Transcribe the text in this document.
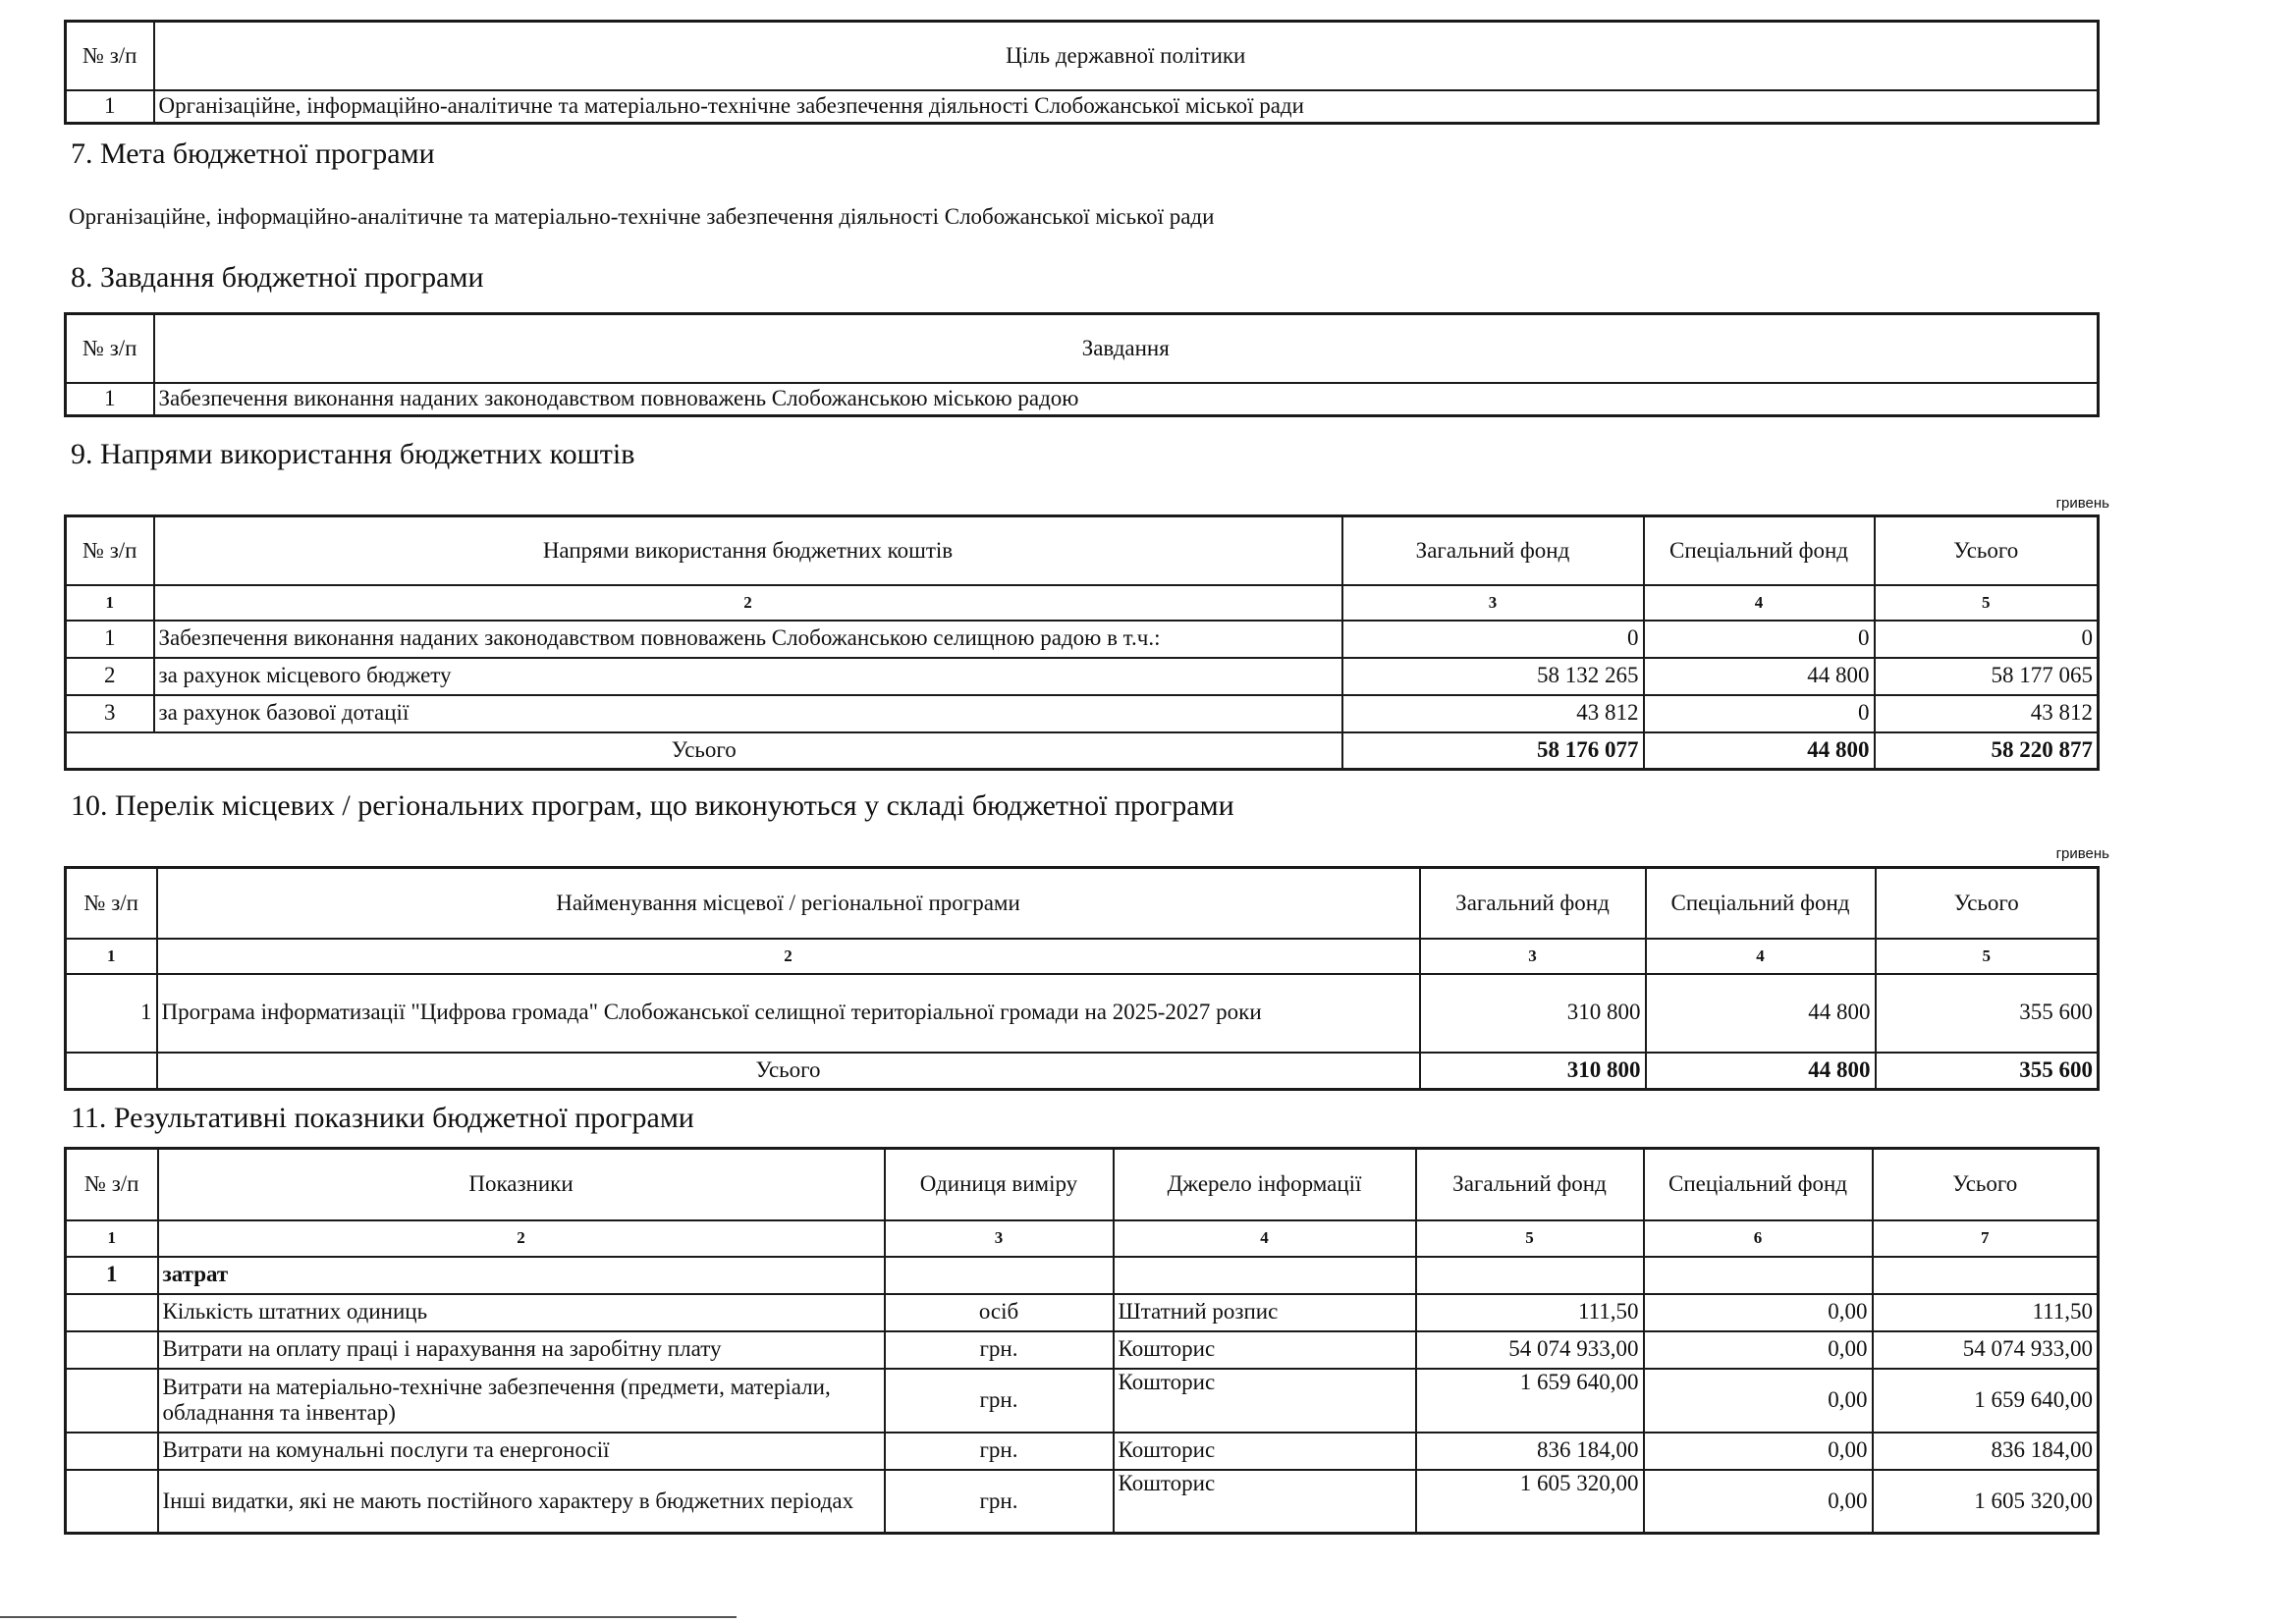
№ з/п	Ціль державної політики
1	Організаційне, інформаційно-аналітичне та матеріально-технічне забезпечення діяльності Слобожанської міської ради
7. Мета бюджетної програми
Організаційне, інформаційно-аналітичне та матеріально-технічне забезпечення діяльності Слобожанської міської ради
8. Завдання бюджетної програми
№ з/п	Завдання
1	Забезпечення виконання наданих законодавством повноважень Слобожанською міською радою
9. Напрями використання бюджетних коштів
гривень
№ з/п	Напрями використання бюджетних коштів	Загальний фонд	Спеціальний фонд	Усього
1	2	3	4	5
1	Забезпечення виконання наданих законодавством повноважень Слобожанською селищною радою в т.ч.:	0	0	0
2	за рахунок місцевого бюджету	58 132 265	44 800	58 177 065
3	за рахунок базової дотації	43 812	0	43 812
Усього		58 176 077	44 800	58 220 877
10. Перелік місцевих / регіональних програм, що виконуються у складі бюджетної програми
гривень
№ з/п	Найменування місцевої / регіональної програми	Загальний фонд	Спеціальний фонд	Усього
1	2	3	4	5
1	Програма інформатизації "Цифрова громада" Слобожанської селищної територіальної громади на 2025-2027 роки	310 800	44 800	355 600
	Усього	310 800	44 800	355 600
11. Результативні показники бюджетної програми
№ з/п	Показники	Одиниця виміру	Джерело інформації	Загальний фонд	Спеціальний фонд	Усього
1	2	3	4	5	6	7
1	затрат					
	Кількість штатних одиниць	осіб	Штатний розпис	111,50	0,00	111,50
	Витрати на оплату праці і нарахування на заробітну плату	грн.	Кошторис	54 074 933,00	0,00	54 074 933,00
	Витрати на матеріально-технічне забезпечення (предмети, матеріали, обладнання та інвентар)	грн.	Кошторис	1 659 640,00	0,00	1 659 640,00
	Витрати на комунальні послуги та енергоносії	грн.	Кошторис	836 184,00	0,00	836 184,00
	Інші видатки, які не мають постійного характеру в бюджетних періодах	грн.	Кошторис	1 605 320,00	0,00	1 605 320,00
